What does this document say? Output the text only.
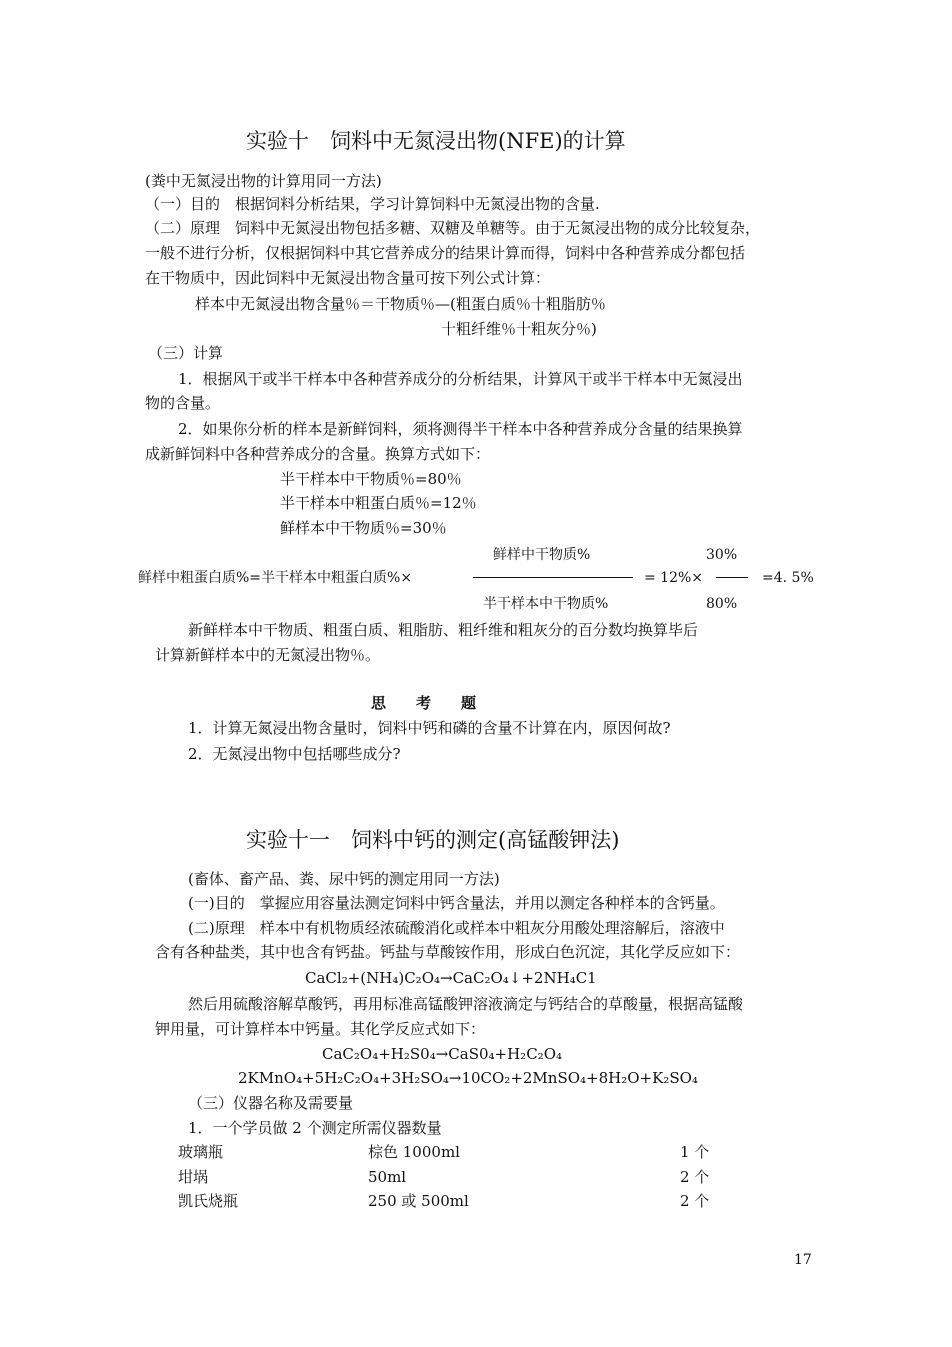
实验十　饲料中无氮浸出物(NFE)的计算
(粪中无氮浸出物的计算用同一方法)
（一）目的　根据饲料分析结果，学习计算饲料中无氮浸出物的含量.
（二）原理　饲料中无氮浸出物包括多糖、双糖及单糖等。由于无氮浸出物的成分比较复杂，
一般不进行分析，仅根据饲料中其它营养成分的结果计算而得，饲料中各种营养成分都包括
在干物质中，因此饲料中无氮浸出物含量可按下列公式计算：
样本中无氮浸出物含量％＝干物质％—(粗蛋白质％十粗脂肪％
十粗纤维％十粗灰分％)
（三）计算
1．根据风干或半干样本中各种营养成分的分析结果，计算风干或半干样本中无氮浸出
物的含量。
2．如果你分析的样本是新鲜饲料，须将测得半干样本中各种营养成分含量的结果换算
成新鲜饲料中各种营养成分的含量。换算方式如下：
半干样本中干物质％=80％
半干样本中粗蛋白质％=12％
鲜样本中干物质％=30％
鲜样中干物质%	30%
鲜样中粗蛋白质%=半干样本中粗蛋白质%×	= 12%×	=4. 5%
半干样本中干物质%	80%
新鲜样本中干物质、粗蛋白质、粗脂肪、粗纤维和粗灰分的百分数均换算毕后
计算新鲜样本中的无氮浸出物％。
思　　考　　题
1．计算无氮浸出物含量时，饲料中钙和磷的含量不计算在内，原因何故?
2．无氮浸出物中包括哪些成分?
实验十一　饲料中钙的测定(高锰酸钾法)
(畜体、畜产品、粪、尿中钙的测定用同一方法)
(一)目的　掌握应用容量法测定饲料中钙含量法，并用以测定各种样本的含钙量。
(二)原理　样本中有机物质经浓硫酸消化或样本中粗灰分用酸处理溶解后，溶液中
含有各种盐类，其中也含有钙盐。钙盐与草酸铵作用，形成白色沉淀，其化学反应如下：
CaCl₂+(NH₄)C₂O₄→CaC₂O₄↓+2NH₄C1
然后用硫酸溶解草酸钙，再用标准高锰酸钾溶液滴定与钙结合的草酸量，根据高锰酸
钾用量，可计算样本中钙量。其化学反应式如下：
CaC₂O₄+H₂S0₄→CaS0₄+H₂C₂O₄
2KMnO₄+5H₂C₂O₄+3H₂SO₄→10CO₂+2MnSO₄+8H₂O+K₂SO₄
（三）仪器名称及需要量
1．一个学员做 2 个测定所需仪器数量
玻璃瓶	棕色 1000ml	1 个
坩埚	50ml	2 个
凯氏烧瓶	250 或 500ml	2 个
17
